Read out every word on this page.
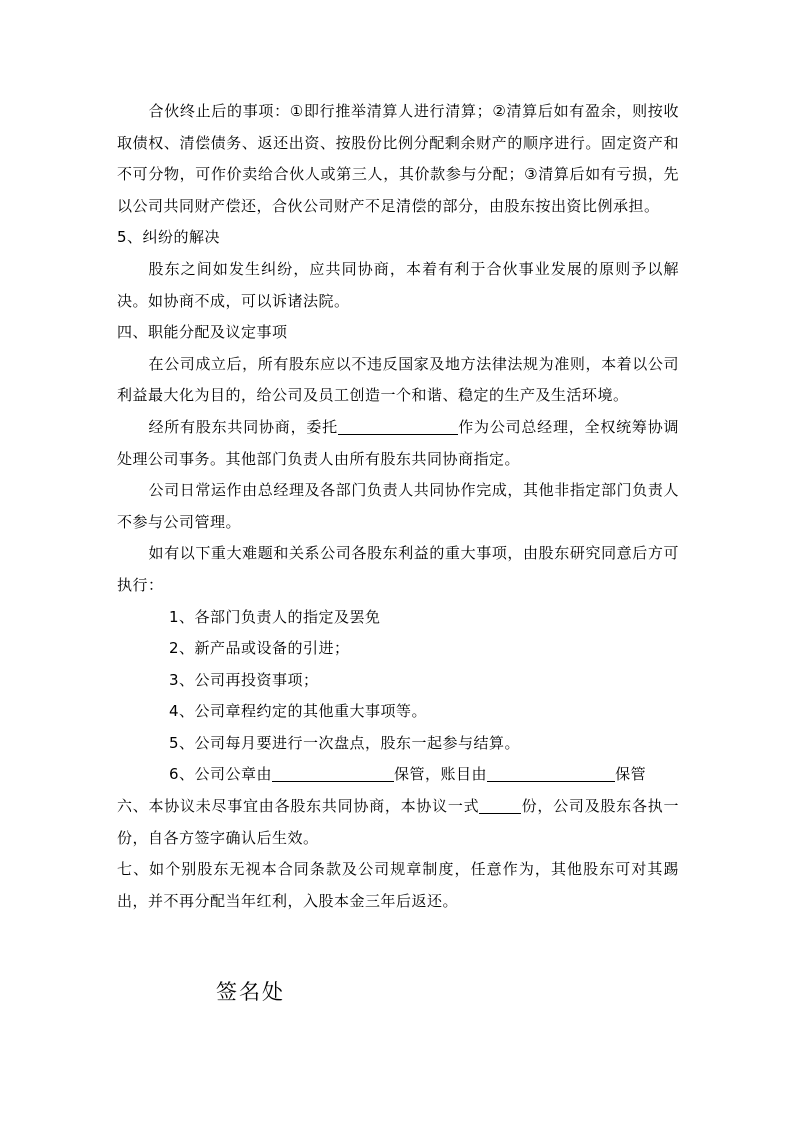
合伙终止后的事项：①即行推举清算人进行清算；②清算后如有盈余，则按收取债权、清偿债务、返还出资、按股份比例分配剩余财产的顺序进行。固定资产和不可分物，可作价卖给合伙人或第三人，其价款参与分配；③清算后如有亏损，先以公司共同财产偿还，合伙公司财产不足清偿的部分，由股东按出资比例承担。

5、纠纷的解决

股东之间如发生纠纷，应共同协商，本着有利于合伙事业发展的原则予以解决。如协商不成，可以诉诸法院。

四、职能分配及议定事项

在公司成立后，所有股东应以不违反国家及地方法律法规为准则，本着以公司利益最大化为目的，给公司及员工创造一个和谐、稳定的生产及生活环境。

经所有股东共同协商，委托	作为公司总经理，全权统筹协调处理公司事务。其他部门负责人由所有股东共同协商指定。

公司日常运作由总经理及各部门负责人共同协作完成，其他非指定部门负责人不参与公司管理。

如有以下重大难题和关系公司各股东利益的重大事项，由股东研究同意后方可执行：

1、各部门负责人的指定及罢免

2、新产品或设备的引进；

3、公司再投资事项；

4、公司章程约定的其他重大事项等。

5、公司每月要进行一次盘点，股东一起参与结算。

6、公司公章由	保管，账目由	保管

六、本协议未尽事宜由各股东共同协商，本协议一式	份，公司及股东各执一份，自各方签字确认后生效。

七、如个别股东无视本合同条款及公司规章制度，任意作为，其他股东可对其踢出，并不再分配当年红利，入股本金三年后返还。

签名处
